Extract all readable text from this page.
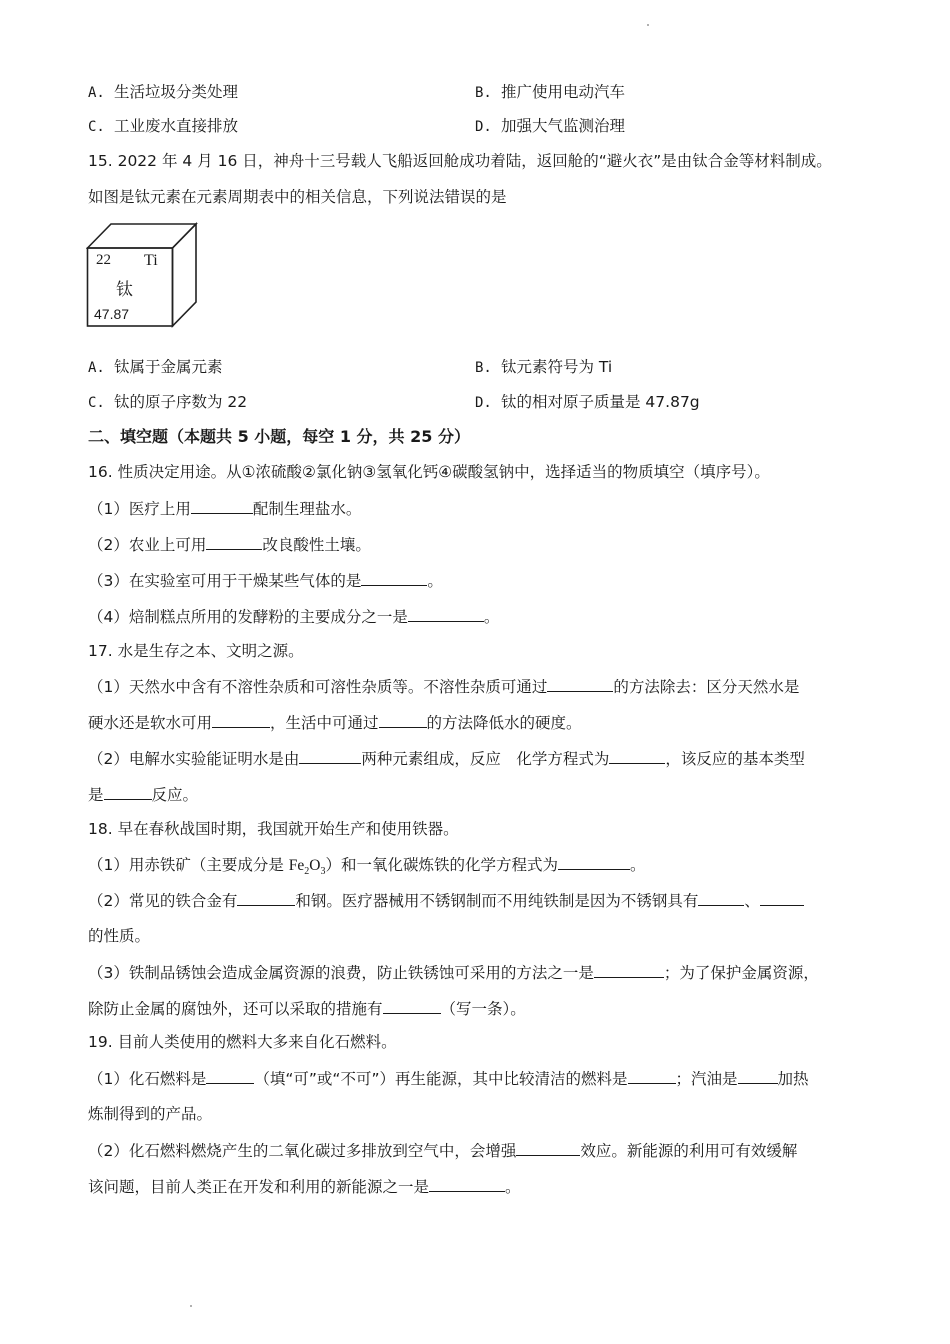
A. 生活垃圾分类处理	B. 推广使用电动汽车
C. 工业废水直接排放	D. 加强大气监测治理
15. 2022 年 4 月 16 日，神舟十三号载人飞船返回舱成功着陆，返回舱的“避火衣”是由钛合金等材料制成。
如图是钛元素在元素周期表中的相关信息，下列说法错误的是
22 Ti
钛
47.87
A. 钛属于金属元素	B. 钛元素符号为 Ti
C. 钛的原子序数为 22	D. 钛的相对原子质量是 47.87g
二、填空题（本题共 5 小题，每空 1 分，共 25 分）
16. 性质决定用途。从①浓硫酸②氯化钠③氢氧化钙④碳酸氢钠中，选择适当的物质填空（填序号）。
（1）医疗上用	配制生理盐水。
（2）农业上可用	改良酸性土壤。
（3）在实验室可用于干燥某些气体的是	。
（4）焙制糕点所用的发酵粉的主要成分之一是	。
17. 水是生存之本、文明之源。
（1）天然水中含有不溶性杂质和可溶性杂质等。不溶性杂质可通过	的方法除去：区分天然水是
硬水还是软水可用	，生活中可通过	的方法降低水的硬度。
（2）电解水实验能证明水是由	两种元素组成，反应　化学方程式为	，该反应的基本类型
是	反应。
18. 早在春秋战国时期，我国就开始生产和使用铁器。
（1）用赤铁矿（主要成分是 $Fe_2O_3$）和一氧化碳炼铁的化学方程式为	。
（2）常见的铁合金有	和钢。医疗器械用不锈钢制而不用纯铁制是因为不锈钢具有	、
的性质。
（3）铁制品锈蚀会造成金属资源的浪费，防止铁锈蚀可采用的方法之一是	；为了保护金属资源，
除防止金属的腐蚀外，还可以采取的措施有	（写一条）。
19. 目前人类使用的燃料大多来自化石燃料。
（1）化石燃料是	（填“可”或“不可”）再生能源，其中比较清洁的燃料是	；汽油是	加热
炼制得到的产品。
（2）化石燃料燃烧产生的二氧化碳过多排放到空气中，会增强	效应。新能源的利用可有效缓解
该问题，目前人类正在开发和利用的新能源之一是	。
